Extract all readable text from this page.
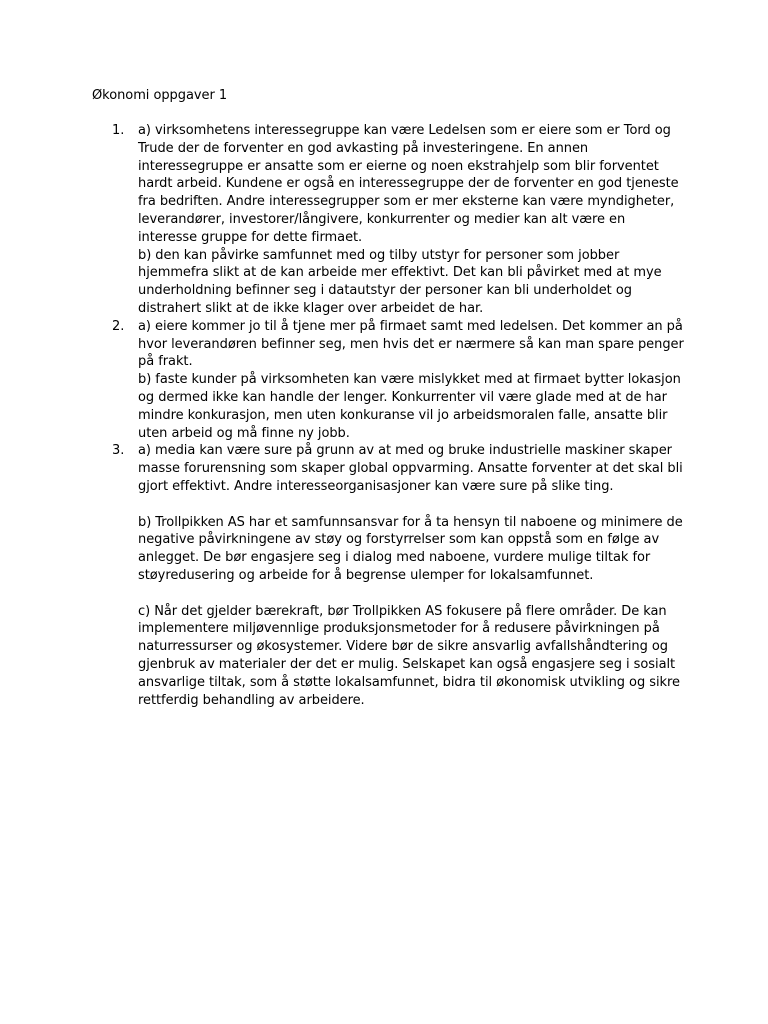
Økonomi oppgaver 1
1. a) virksomhetens interessegruppe kan være Ledelsen som er eiere som er Tord og Trude der de forventer en god avkasting på investeringene. En annen interessegruppe er ansatte som er eierne og noen ekstrahjelp som blir forventet hardt arbeid. Kundene er også en interessegruppe der de forventer en god tjeneste fra bedriften. Andre interessegrupper som er mer eksterne kan være myndigheter, leverandører, investorer/långivere, konkurrenter og medier kan alt være en interesse gruppe for dette firmaet.

b) den kan påvirke samfunnet med og tilby utstyr for personer som jobber hjemmefra slikt at de kan arbeide mer effektivt. Det kan bli påvirket med at mye underholdning befinner seg i datautstyr der personer kan bli underholdet og distrahert slikt at de ikke klager over arbeidet de har.

2. a) eiere kommer jo til å tjene mer på firmaet samt med ledelsen. Det kommer an på hvor leverandøren befinner seg, men hvis det er nærmere så kan man spare penger på frakt.

b) faste kunder på virksomheten kan være mislykket med at firmaet bytter lokasjon og dermed ikke kan handle der lenger. Konkurrenter vil være glade med at de har mindre konkurasjon, men uten konkuranse vil jo arbeidsmoralen falle, ansatte blir uten arbeid og må finne ny jobb.

3. a) media kan være sure på grunn av at med og bruke industrielle maskiner skaper masse forurensning som skaper global oppvarming. Ansatte forventer at det skal bli gjort effektivt. Andre interesseorganisasjoner kan være sure på slike ting.

b) Trollpikken AS har et samfunnsansvar for å ta hensyn til naboene og minimere de negative påvirkningene av støy og forstyrrelser som kan oppstå som en følge av anlegget. De bør engasjere seg i dialog med naboene, vurdere mulige tiltak for støyredusering og arbeide for å begrense ulemper for lokalsamfunnet.

c) Når det gjelder bærekraft, bør Trollpikken AS fokusere på flere områder. De kan implementere miljøvennlige produksjonsmetoder for å redusere påvirkningen på naturressurser og økosystemer. Videre bør de sikre ansvarlig avfallshåndtering og gjenbruk av materialer der det er mulig. Selskapet kan også engasjere seg i sosialt ansvarlige tiltak, som å støtte lokalsamfunnet, bidra til økonomisk utvikling og sikre rettferdig behandling av arbeidere.
